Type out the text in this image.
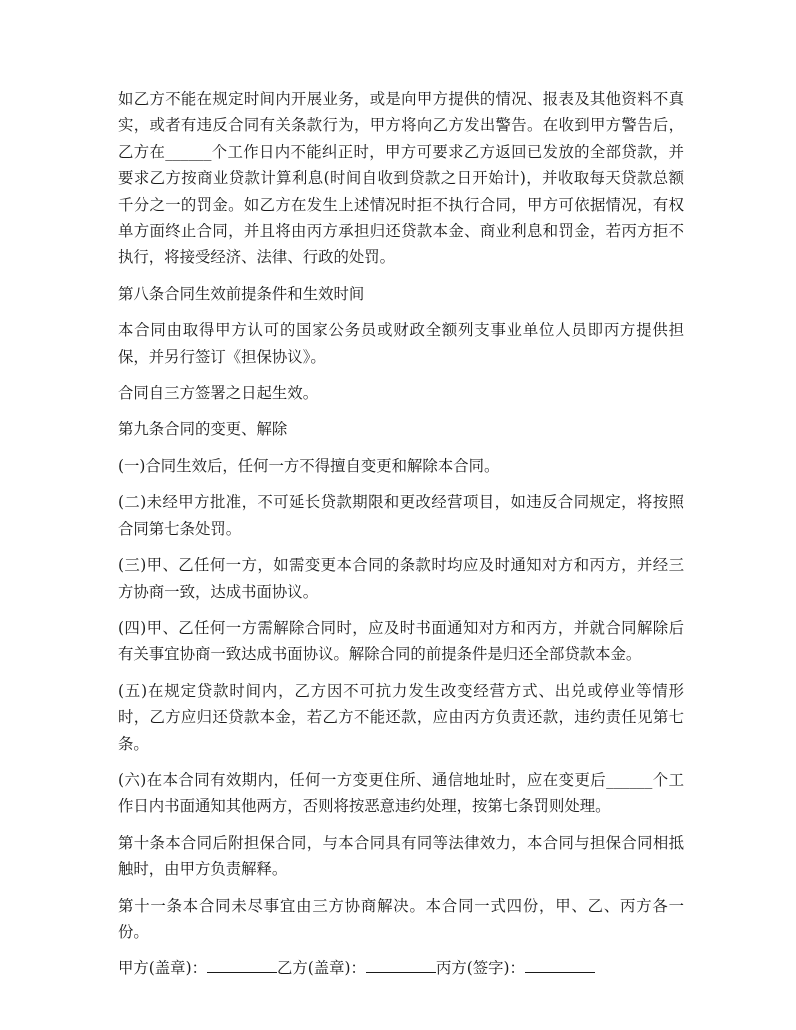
如乙方不能在规定时间内开展业务，或是向甲方提供的情况、报表及其他资料不真实，或者有违反合同有关条款行为，甲方将向乙方发出警告。在收到甲方警告后，乙方在______个工作日内不能纠正时，甲方可要求乙方返回已发放的全部贷款，并要求乙方按商业贷款计算利息(时间自收到贷款之日开始计)，并收取每天贷款总额千分之一的罚金。如乙方在发生上述情况时拒不执行合同，甲方可依据情况，有权单方面终止合同，并且将由丙方承担归还贷款本金、商业利息和罚金，若丙方拒不执行，将接受经济、法律、行政的处罚。

第八条合同生效前提条件和生效时间

本合同由取得甲方认可的国家公务员或财政全额列支事业单位人员即丙方提供担保，并另行签订《担保协议》。

合同自三方签署之日起生效。

第九条合同的变更、解除

(一)合同生效后，任何一方不得擅自变更和解除本合同。

(二)未经甲方批准，不可延长贷款期限和更改经营项目，如违反合同规定，将按照合同第七条处罚。

(三)甲、乙任何一方，如需变更本合同的条款时均应及时通知对方和丙方，并经三方协商一致，达成书面协议。

(四)甲、乙任何一方需解除合同时，应及时书面通知对方和丙方，并就合同解除后有关事宜协商一致达成书面协议。解除合同的前提条件是归还全部贷款本金。

(五)在规定贷款时间内，乙方因不可抗力发生改变经营方式、出兑或停业等情形时，乙方应归还贷款本金，若乙方不能还款，应由丙方负责还款，违约责任见第七条。

(六)在本合同有效期内，任何一方变更住所、通信地址时，应在变更后______个工作日内书面通知其他两方，否则将按恶意违约处理，按第七条罚则处理。

第十条本合同后附担保合同，与本合同具有同等法律效力，本合同与担保合同相抵触时，由甲方负责解释。

第十一条本合同未尽事宜由三方协商解决。本合同一式四份，甲、乙、丙方各一份。

甲方(盖章)：	乙方(盖章)：	丙方(签字)：
